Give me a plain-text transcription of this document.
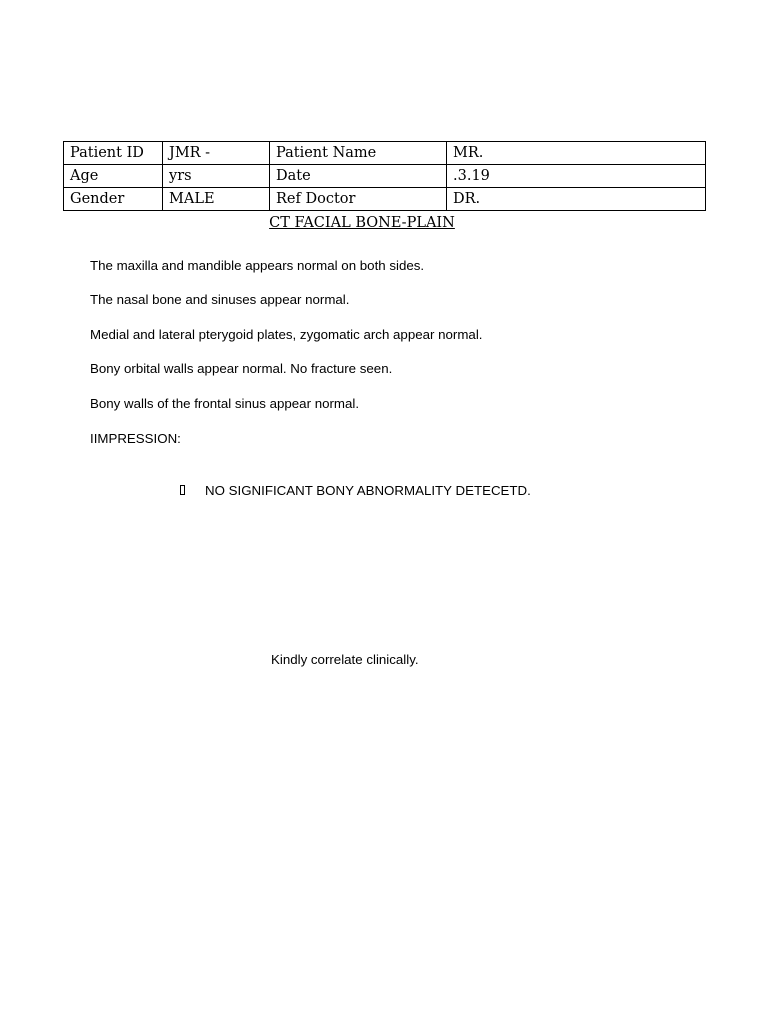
Patient ID	JMR -	Patient Name	MR.
Age	yrs	Date	.3.19
Gender	MALE	Ref Doctor	DR.
CT FACIAL BONE-PLAIN
The maxilla and mandible appears normal on both sides.
The nasal bone and sinuses appear normal.
Medial and lateral pterygoid plates, zygomatic arch appear normal.
Bony orbital walls appear normal. No fracture seen.
Bony walls of the frontal sinus appear normal.
IIMPRESSION:
NO SIGNIFICANT BONY ABNORMALITY DETECETD.
Kindly correlate clinically.
